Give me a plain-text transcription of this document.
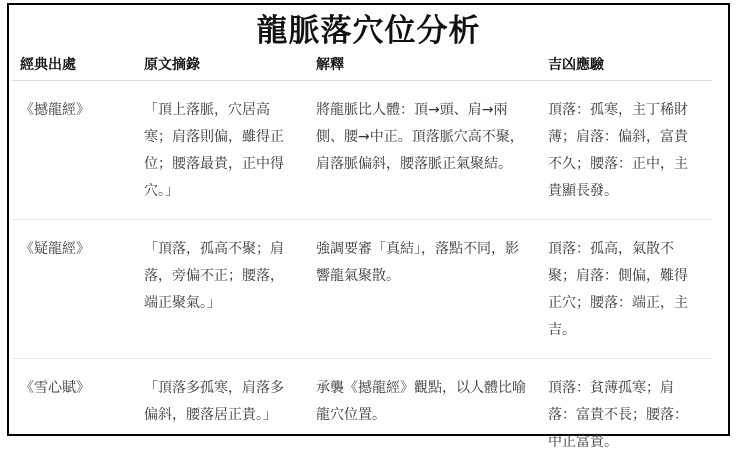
龍脈落穴位分析
經典出處	原文摘錄	解釋	吉凶應驗
《撼龍經》	「頂上落脈，穴居高寒；肩落則偏，雖得正位；腰落最貴，正中得穴。」	將龍脈比人體：頂→頭、肩→兩側、腰→中正。頂落脈穴高不聚，肩落脈偏斜，腰落脈正氣聚結。	頂落：孤寒，主丁稀財薄；肩落：偏斜，富貴不久；腰落：正中，主貴顯長發。
《疑龍經》	「頂落，孤高不聚；肩落，旁偏不正；腰落，端正聚氣。」	強調要審「真結」，落點不同，影響龍氣聚散。	頂落：孤高，氣散不聚；肩落：側偏，難得正穴；腰落：端正，主吉。
《雪心賦》	「頂落多孤寒，肩落多偏斜，腰落居正貴。」	承襲《撼龍經》觀點，以人體比喻龍穴位置。	頂落：貧薄孤寒；肩落：富貴不長；腰落：中正富貴。
